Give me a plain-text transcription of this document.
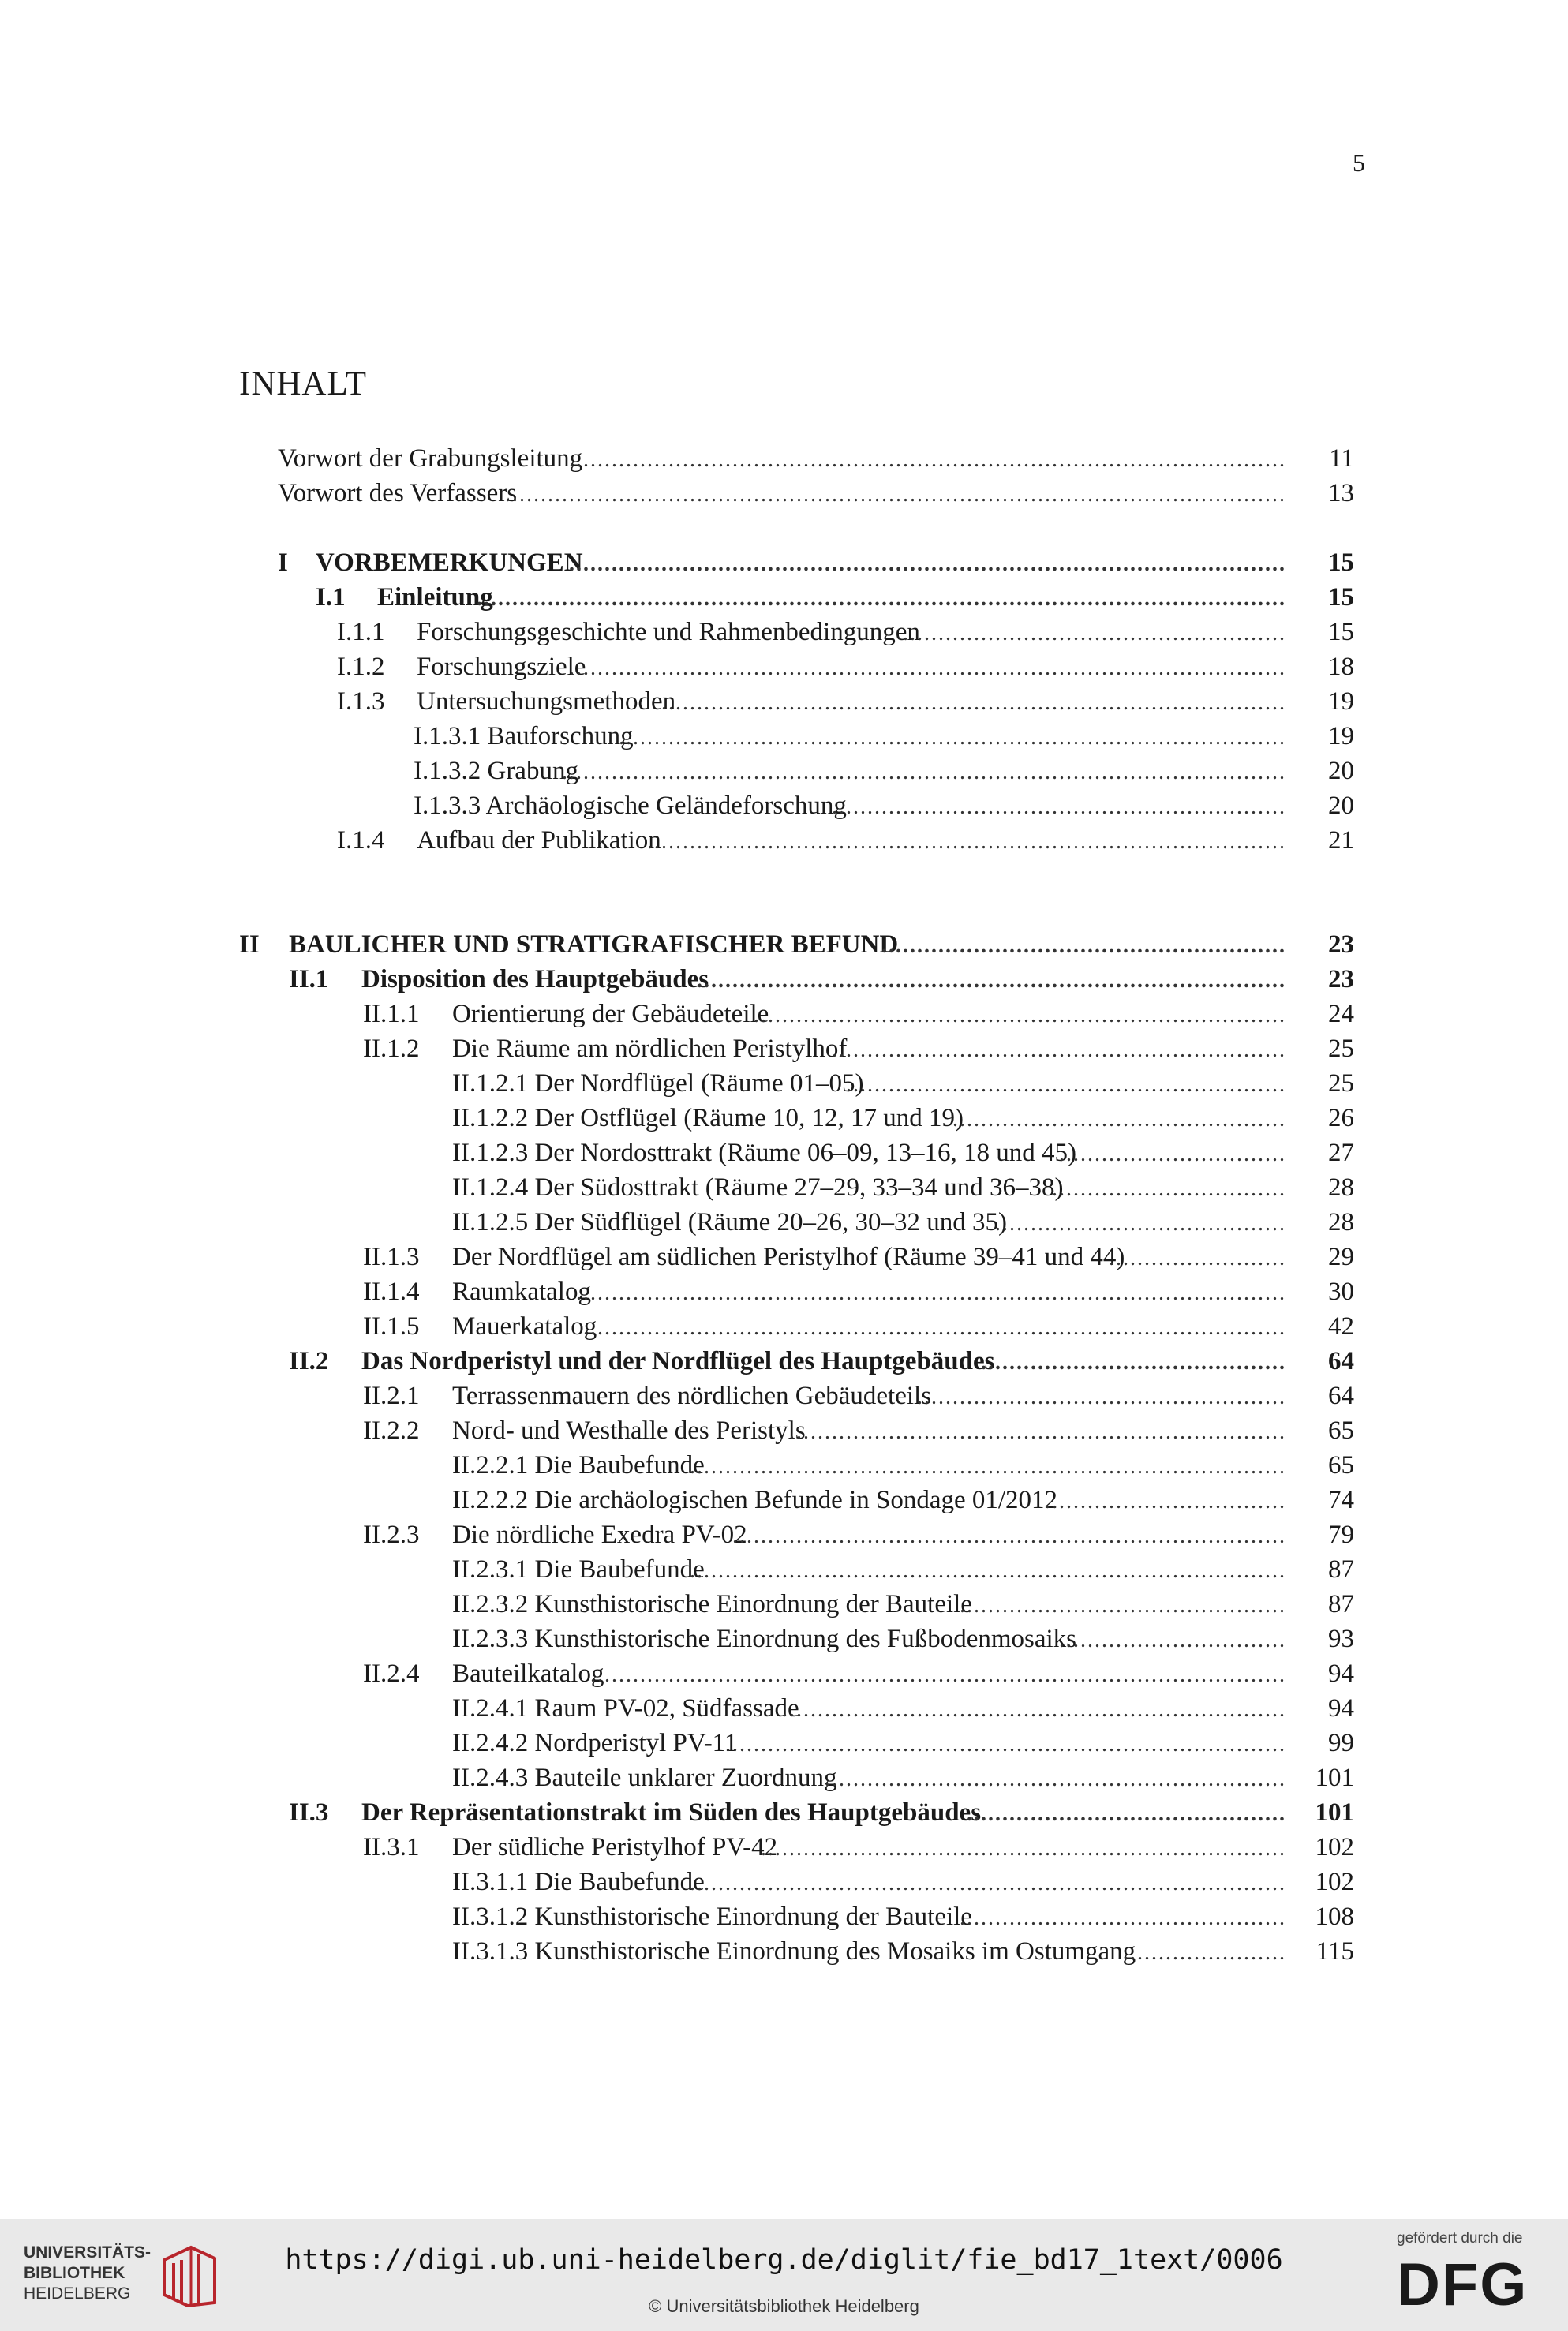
5
INHALT
Vorwort der Grabungsleitung
..................................................................................................... 11
Vorwort des Verfassers
.............................................................................................................. 13
I VORBEMERKUNGEN
..................................................................................................... 15
I.1 Einleitung
.................................................................................................................. 15
I.1.1 Forschungsgeschichte und Rahmenbedingungen
...................................................... 15
I.1.2 Forschungsziele
..................................................................................................... 18
I.1.3 Untersuchungsmethoden
........................................................................................ 19
I.1.3.1 Bauforschung
.............................................................................................. 19
I.1.3.2 Grabung
...................................................................................................... 20
I.1.3.3 Archäologische Geländeforschung
................................................................ 20
I.1.4 Aufbau der Publikation
.......................................................................................... 21
II BAULICHER UND STRATIGRAFISCHER BEFUND
......................................................... 23
II.1 Disposition des Hauptgebäudes
................................................................................... 23
II.1.1 Orientierung der Gebäudeteile
........................................................................... 24
II.1.2 Die Räume am nördlichen Peristylhof
................................................................ 25
II.1.2.1 Der Nordflügel (Räume 01–05)
.............................................................. 25
II.1.2.2 Der Ostflügel (Räume 10, 12, 17 und 19)
............................................... 26
II.1.2.3 Der Nordosttrakt (Räume 06–09, 13–16, 18 und 45)
................................ 27
II.1.2.4 Der Südosttrakt (Räume 27–29, 33–34 und 36–38)
................................. 28
II.1.2.5 Der Südflügel (Räume 20–26, 30–32 und 35)
......................................... 28
II.1.3 Der Nordflügel am südlichen Peristylhof (Räume 39–41 und 44)
......................... 29
II.1.4 Raumkatalog
.................................................................................................... 30
II.1.5 Mauerkatalog
................................................................................................... 42
II.2 Das Nordperistyl und der Nordflügel des Hauptgebäudes
........................................... 64
II.2.1 Terrassenmauern des nördlichen Gebäudeteils
.................................................... 64
II.2.2 Nord- und Westhalle des Peristyls
...................................................................... 65
II.2.2.1 Die Baubefunde
.................................................................................... 65
II.2.2.2 Die archäologischen Befunde in Sondage 01/2012
.................................. 74
II.2.3 Die nördliche Exedra PV-02
.............................................................................. 79
II.2.3.1 Die Baubefunde
.................................................................................... 87
II.2.3.2 Kunsthistorische Einordnung der Bauteile
.............................................. 87
II.2.3.3 Kunsthistorische Einordnung des Fußbodenmosaiks
................................ 93
II.2.4 Bauteilkatalog
.................................................................................................. 94
II.2.4.1 Raum PV-02, Südfassade
....................................................................... 94
II.2.4.2 Nordperistyl PV-11
............................................................................... 99
II.2.4.3 Bauteile unklarer Zuordnung
................................................................. 101
II.3 Der Repräsentationstrakt im Süden des Hauptgebäudes
............................................. 101
II.3.1 Der südliche Peristylhof PV-42
.......................................................................... 102
II.3.1.1 Die Baubefunde
.................................................................................... 102
II.3.1.2 Kunsthistorische Einordnung der Bauteile
.............................................. 108
II.3.1.3 Kunsthistorische Einordnung des Mosaiks im Ostumgang
....................... 115
UNIVERSITÄTS-
BIBLIOTHEK
HEIDELBERG
https://digi.ub.uni-heidelberg.de/diglit/fie_bd17_1text/0006
© Universitätsbibliothek Heidelberg
gefördert durch die
DFG
